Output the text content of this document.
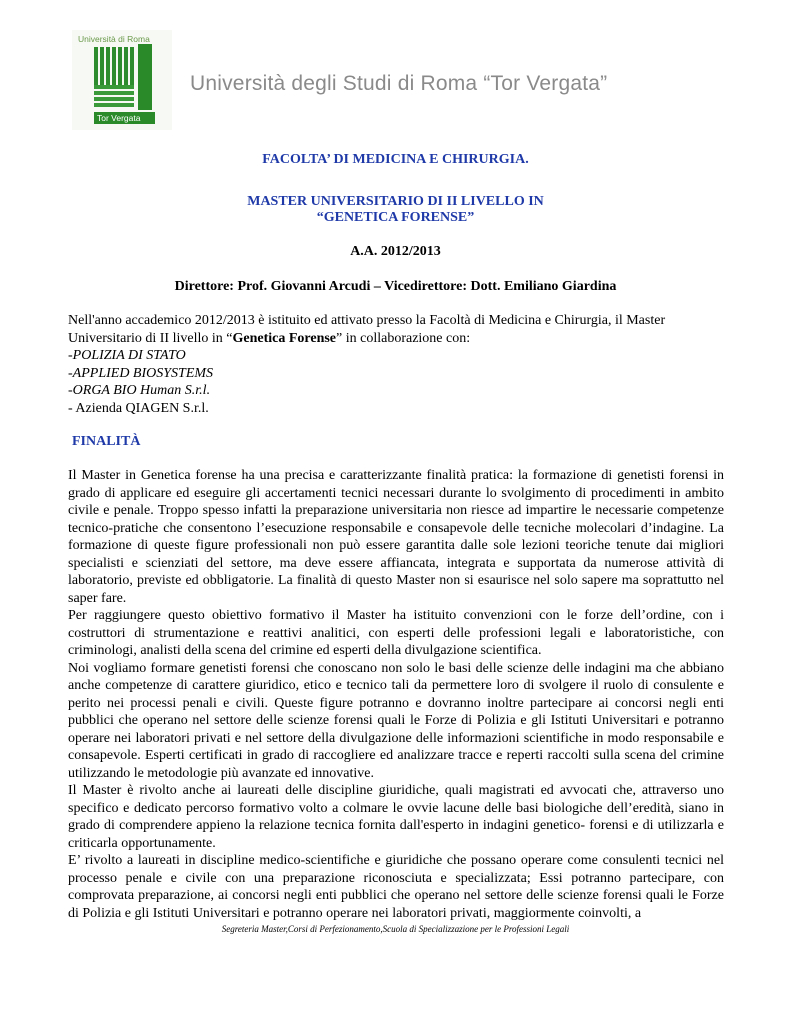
Università di Roma
Tor Vergata
Università degli Studi di Roma “Tor Vergata”
FACOLTA’ DI MEDICINA E CHIRURGIA.
MASTER UNIVERSITARIO DI II LIVELLO IN
“GENETICA FORENSE”
A.A. 2012/2013
Direttore: Prof. Giovanni Arcudi – Vicedirettore: Dott. Emiliano Giardina
Nell'anno accademico 2012/2013 è istituito ed attivato presso la Facoltà di Medicina e Chirurgia, il Master
Universitario di II livello in “Genetica Forense” in collaborazione con:
-POLIZIA DI STATO
-APPLIED BIOSYSTEMS
-ORGA BIO Human S.r.l.
- Azienda QIAGEN S.r.l.
FINALITÀ

Il Master in Genetica forense ha una precisa e caratterizzante finalità pratica: la formazione di genetisti forensi in grado di applicare ed eseguire gli accertamenti tecnici necessari durante lo svolgimento di procedimenti in ambito civile e penale. Troppo spesso infatti la preparazione universitaria non riesce ad impartire le necessarie competenze tecnico-pratiche che consentono l’esecuzione responsabile e consapevole delle tecniche molecolari d’indagine. La formazione di queste figure professionali non può essere garantita dalle sole lezioni teoriche tenute dai migliori specialisti e scienziati del settore, ma deve essere affiancata, integrata e supportata da numerose attività di laboratorio, previste ed obbligatorie. La finalità di questo Master non si esaurisce nel solo sapere ma soprattutto nel saper fare.

Per raggiungere questo obiettivo formativo il Master ha istituito convenzioni con le forze dell’ordine, con i costruttori di strumentazione e reattivi analitici, con esperti delle professioni legali e laboratoristiche, con criminologi, analisti della scena del crimine ed esperti della divulgazione scientifica.

Noi vogliamo formare genetisti forensi che conoscano non solo le basi delle scienze delle indagini ma che abbiano anche competenze di carattere giuridico, etico e tecnico tali da permettere loro di svolgere il ruolo di consulente e perito nei processi penali e civili. Queste figure potranno e dovranno inoltre partecipare ai concorsi negli enti pubblici che operano nel settore delle scienze forensi quali le Forze di Polizia e gli Istituti Universitari e potranno operare nei laboratori privati e nel settore della divulgazione delle informazioni scientifiche in modo responsabile e consapevole. Esperti certificati in grado di raccogliere ed analizzare tracce e reperti raccolti sulla scena del crimine utilizzando le metodologie più avanzate ed innovative.

Il Master è rivolto anche ai laureati delle discipline giuridiche, quali magistrati ed avvocati che, attraverso uno specifico e dedicato percorso formativo volto a colmare le ovvie lacune delle basi biologiche dell’eredità, siano in grado di comprendere appieno la relazione tecnica fornita dall'esperto in indagini genetico- forensi e di utilizzarla e criticarla opportunamente.

E’ rivolto a laureati in discipline medico-scientifiche e giuridiche che possano operare come consulenti tecnici nel processo penale e civile con una preparazione riconosciuta e specializzata; Essi potranno partecipare, con comprovata preparazione, ai concorsi negli enti pubblici che operano nel settore delle scienze forensi quali le Forze di Polizia e gli Istituti Universitari e potranno operare nei laboratori privati, maggiormente coinvolti, a

Segreteria Master,Corsi di Perfezionamento,Scuola di Specializzazione per le Professioni Legali
